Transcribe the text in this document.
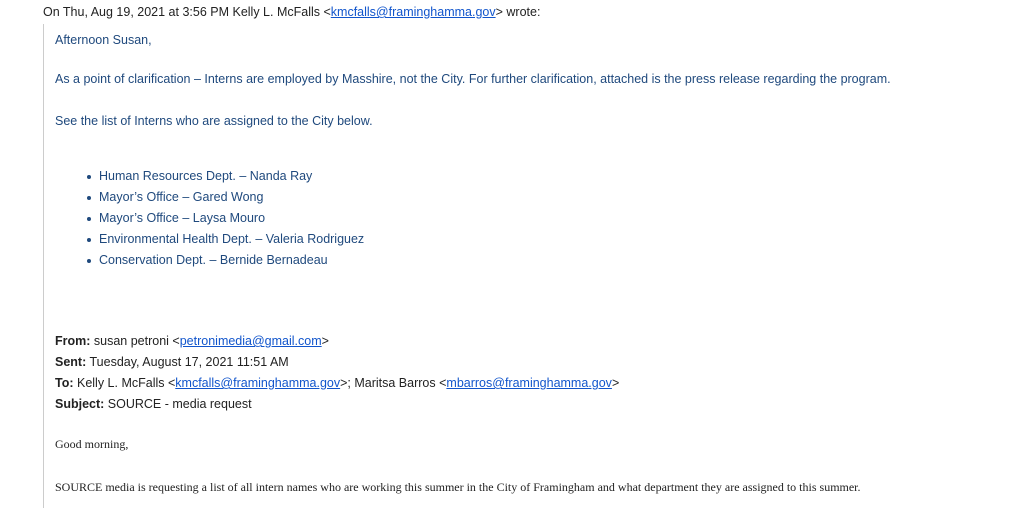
On Thu, Aug 19, 2021 at 3:56 PM Kelly L. McFalls <kmcfalls@framinghamma.gov> wrote:
Afternoon Susan,
As a point of clarification – Interns are employed by Masshire, not the City. For further clarification, attached is the press release regarding the program.
See the list of Interns who are assigned to the City below.
Human Resources Dept. – Nanda Ray
Mayor’s Office – Gared Wong
Mayor’s Office – Laysa Mouro
Environmental Health Dept. – Valeria Rodriguez
Conservation Dept. – Bernide Bernadeau
From: susan petroni <petronimedia@gmail.com>
Sent: Tuesday, August 17, 2021 11:51 AM
To: Kelly L. McFalls <kmcfalls@framinghamma.gov>; Maritsa Barros <mbarros@framinghamma.gov>
Subject: SOURCE - media request
Good morning,
SOURCE media is requesting a list of all intern names who are working this summer in the City of Framingham and what department they are assigned to this summer.
